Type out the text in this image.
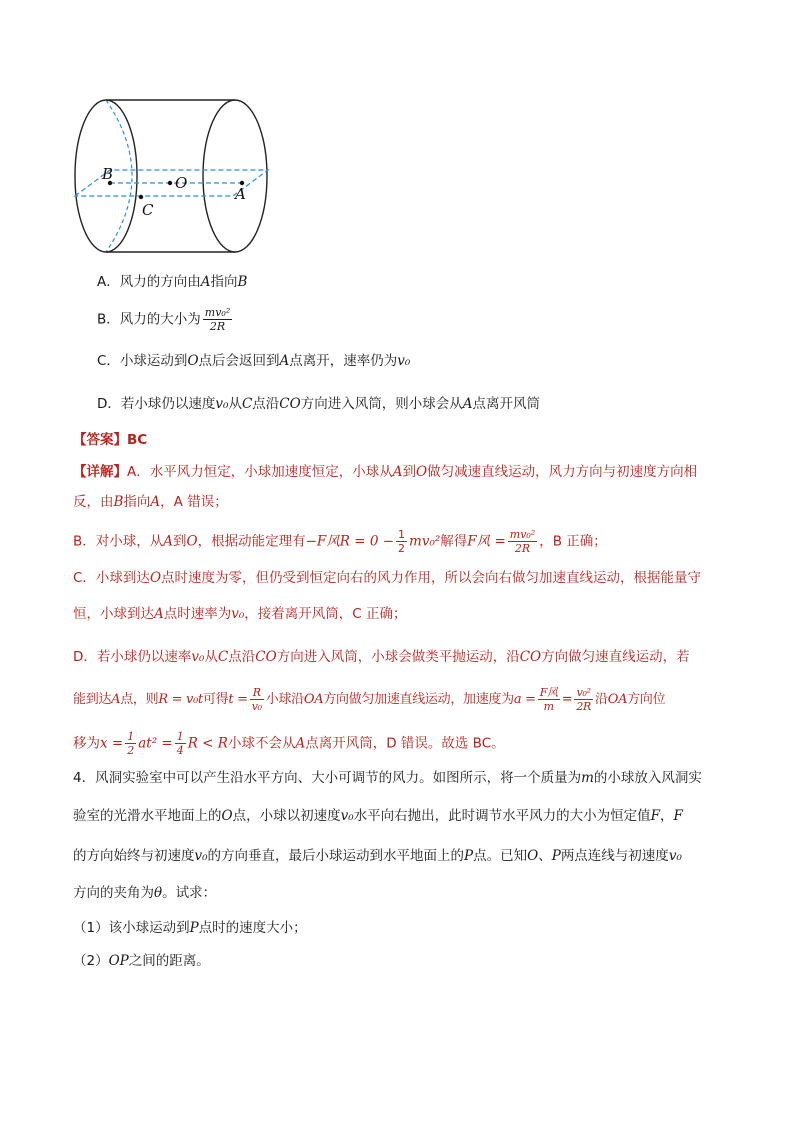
B	O
A
C
A．风力的方向由A指向B
B．风力的大小为 $\frac{\text{mv₀²}}{2R}$
C．小球运动到O点后会返回到A点离开，速率仍为v₀
D．若小球仍以速度v₀从C点沿CO方向进入风筒，则小球会从A点离开风筒
【答案】BC
【详解】A．水平风力恒定，小球加速度恒定，小球从A到O做匀减速直线运动，风力方向与初速度方向相
反，由B指向A，A 错误；
B．对小球，从A到O，根据动能定理有−F风$R = 0 - \frac{1}{2} mv_0^2$解得F风 = $\frac{\text{mv₀²}}{2R}$ ，B 正确；
C．小球到达O点时速度为零，但仍受到恒定向右的风力作用，所以会向右做匀加速直线运动，根据能量守
恒，小球到达A点时速率为v₀，接着离开风筒，C 正确；
D．若小球仍以速率v₀从C点沿CO方向进入风筒，小球会做类平抛运动，沿CO方向做匀速直线运动，若
能到达A点，则R = v₀t可得$t = \frac{R}{\text{v₀}}$ 小球沿OA方向做匀加速直线运动，加速度为$a = \frac{\text{F风}}{m} = \frac{\text{v₀²}}{2R}$ 沿OA方向位
移为$x = \frac{1}{2} at^2 = \frac{1}{4}$ R < R小球不会从A点离开风筒，D 错误。故选 BC。
4．风洞实验室中可以产生沿水平方向、大小可调节的风力。如图所示，将一个质量为m的小球放入风洞实
验室的光滑水平地面上的O点，小球以初速度v₀水平向右抛出，此时调节水平风力的大小为恒定值F，F
的方向始终与初速度v₀的方向垂直，最后小球运动到水平地面上的P点。已知O、P两点连线与初速度v₀
方向的夹角为θ。试求：
（1）该小球运动到P点时的速度大小；
（2）OP之间的距离。
